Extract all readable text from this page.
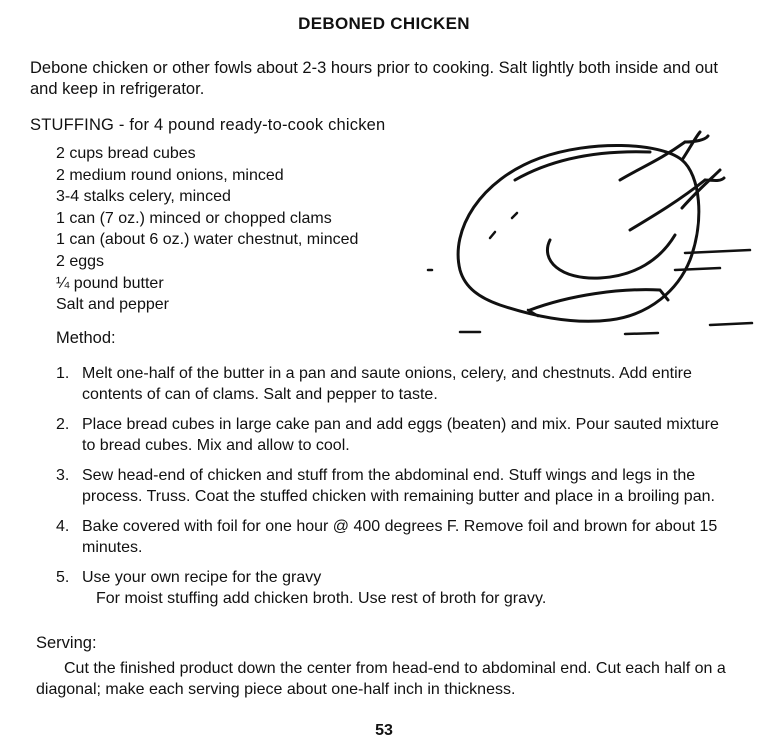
DEBONED CHICKEN
Debone chicken or other fowls about 2-3 hours prior to cooking. Salt lightly both inside and out and keep in refrigerator.
STUFFING - for 4 pound ready-to-cook chicken
2 cups bread cubes
2 medium round onions, minced
3-4 stalks celery, minced
1 can (7 oz.) minced or chopped clams
1 can (about 6 oz.) water chestnut, minced
2 eggs
¼ pound butter
Salt and pepper
Method:
1. Melt one-half of the butter in a pan and saute onions, celery, and chestnuts. Add entire contents of can of clams. Salt and pepper to taste.
2. Place bread cubes in large cake pan and add eggs (beaten) and mix. Pour sauted mixture to bread cubes. Mix and allow to cool.
3. Sew head-end of chicken and stuff from the abdominal end. Stuff wings and legs in the process. Truss. Coat the stuffed chicken with remaining butter and place in a broiling pan.
4. Bake covered with foil for one hour @ 400 degrees F. Remove foil and brown for about 15 minutes.
5. Use your own recipe for the gravy
For moist stuffing add chicken broth. Use rest of broth for gravy.
Serving:
Cut the finished product down the center from head-end to abdominal end. Cut each half on a diagonal; make each serving piece about one-half inch in thickness.
53
